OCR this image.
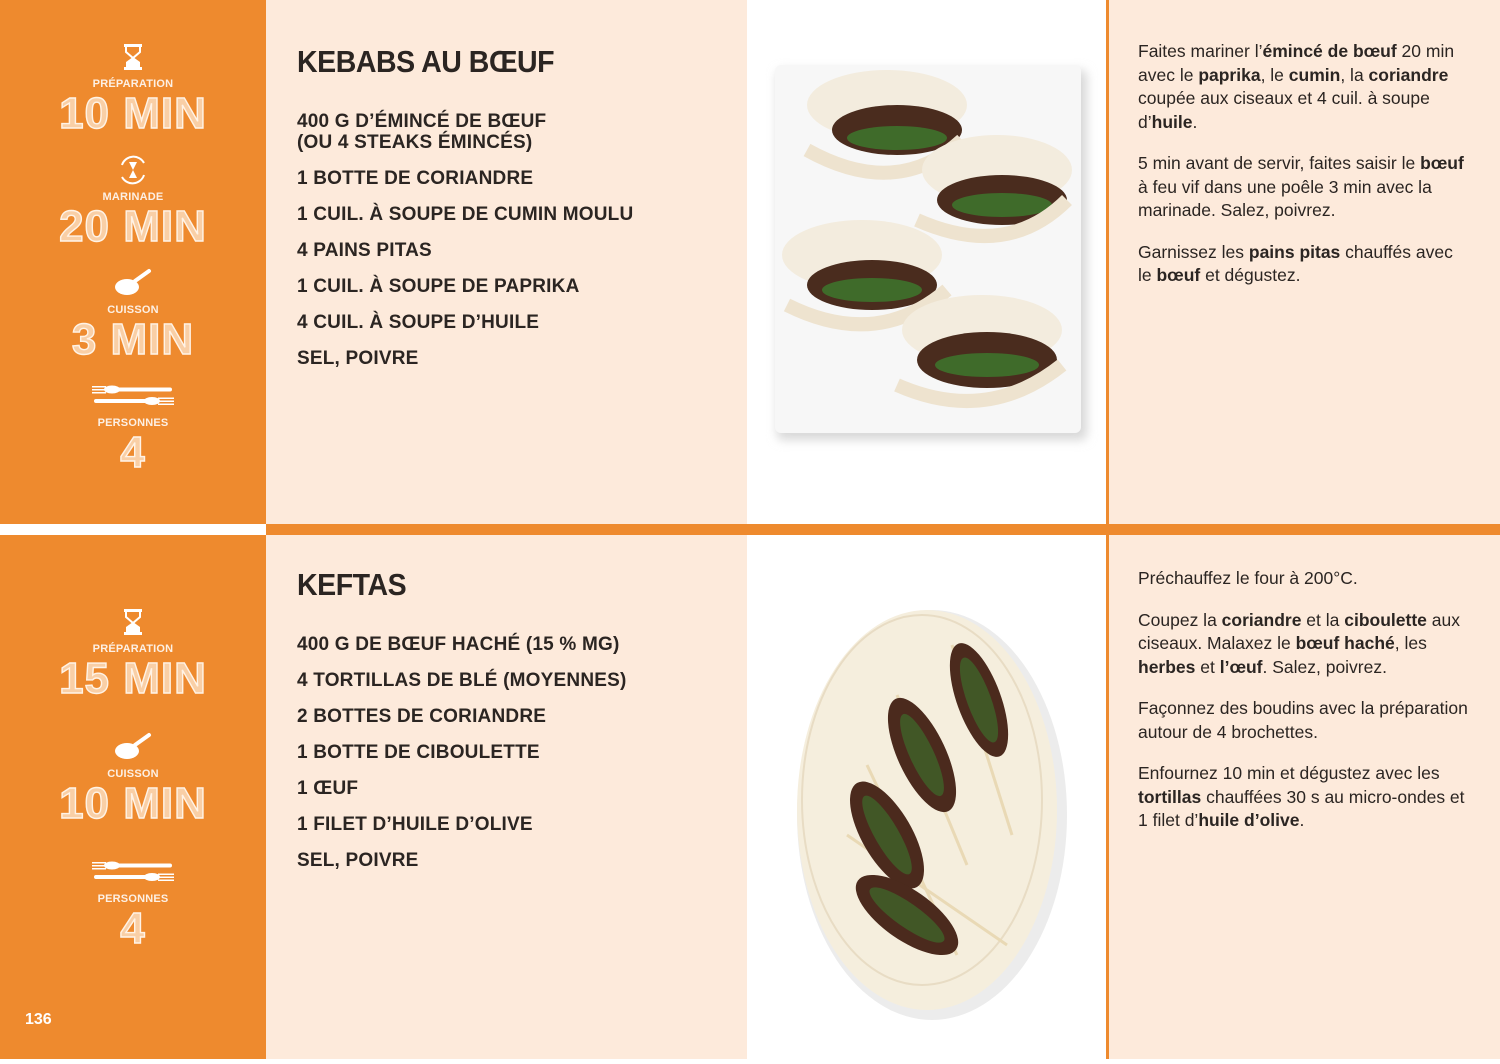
PRÉPARATION
10 MIN
MARINADE
20 MIN
CUISSON
3 MIN
PERSONNES
4
KEBABS AU BŒUF
400 G D’ÉMINCÉ DE BŒUF
(OU 4 STEAKS ÉMINCÉS)
1 BOTTE DE CORIANDRE
1 CUIL. À SOUPE DE CUMIN MOULU
4 PAINS PITAS
1 CUIL. À SOUPE DE PAPRIKA
4 CUIL. À SOUPE D’HUILE
SEL, POIVRE

Faites mariner l’émincé de bœuf 20 min avec le paprika, le cumin, la coriandre coupée aux ciseaux et 4 cuil. à soupe d’huile.

5 min avant de servir, faites saisir le bœuf à feu vif dans une poêle 3 min avec la marinade. Salez, poivrez.

Garnissez les pains pitas chauffés avec le bœuf et dégustez.

PRÉPARATION
15 MIN
CUISSON
10 MIN
PERSONNES
4
KEFTAS
400 G DE BŒUF HACHÉ (15 % MG)
4 TORTILLAS DE BLÉ (MOYENNES)
2 BOTTES DE CORIANDRE
1 BOTTE DE CIBOULETTE
1 ŒUF
1 FILET D’HUILE D’OLIVE
SEL, POIVRE

Préchauffez le four à 200°C.

Coupez la coriandre et la ciboulette aux ciseaux. Malaxez le bœuf haché, les herbes et l’œuf. Salez, poivrez.

Façonnez des boudins avec la préparation autour de 4 brochettes.

Enfournez 10 min et dégustez avec les tortillas chauffées 30 s au micro-ondes et 1 filet d’huile d’olive.

136
